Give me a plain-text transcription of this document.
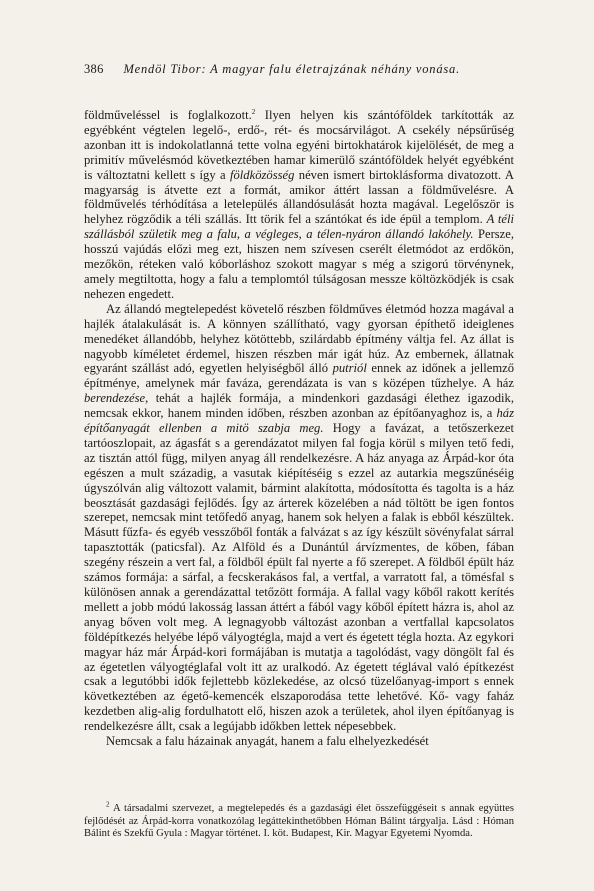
386 Mendöl Tibor: A magyar falu életrajzának néhány vonása.

földműveléssel is foglalkozott.$^2$ Ilyen helyen kis szántóföldek tarkították az egyébként végtelen legelő-, erdő-, rét- és mocsárvilágot. A csekély népsűrűség azonban itt is indokolatlanná tette volna egyéni birtokhatárok kijelölését, de meg a primitív művelésmód következtében hamar kimerülő szántóföldek helyét egyébként is változtatni kellett s így a földközösség néven ismert birtoklásforma divatozott. A magyarság is átvette ezt a formát, amikor áttért lassan a földművelésre. A földművelés térhódítása a letelepülés állandósulását hozta magával. Legelőször is helyhez rögződik a téli szállás. Itt törik fel a szántókat és ide épül a templom. A téli szállásból születik meg a falu, a végleges, a télen-nyáron állandó lakóhely. Persze, hosszú vajúdás előzi meg ezt, hiszen nem szívesen cserélt életmódot az erdőkön, mezőkön, réteken való kóborláshoz szokott magyar s még a szigorú törvénynek, amely megtiltotta, hogy a falu a templomtól túlságosan messze költözködjék is csak nehezen engedett.

Az állandó megtelepedést követelő részben földműves életmód hozza magával a hajlék átalakulását is. A könnyen szállítható, vagy gyorsan építhető ideiglenes menedéket állandóbb, helyhez kötöttebb, szilárdabb építmény váltja fel. Az állat is nagyobb kíméletet érdemel, hiszen részben már igát húz. Az embernek, állatnak egyaránt szállást adó, egyetlen helyiségből álló putriól ennek az időnek a jellemző építménye, amelynek már faváza, gerendázata is van s középen tűzhelye. A ház berendezése, tehát a hajlék formája, a mindenkori gazdasági élethez igazodik, nemcsak ekkor, hanem minden időben, részben azonban az építőanyaghoz is, a ház építőanyagát ellenben a mitö szabja meg. Hogy a favázat, a tetőszerkezet tartóoszlopait, az ágasfát s a gerendázatot milyen fal fogja körül s milyen tető fedi, az tisztán attól függ, milyen anyag áll rendelkezésre. A ház anyaga az Árpád-kor óta egészen a mult századig, a vasutak kiépítéséig s ezzel az autarkia megszűnéséig úgyszólván alig változott valamit, bármint alakította, módosította és tagolta is a ház beosztását gazdasági fejlődés. Így az árterek közelében a nád töltött be igen fontos szerepet, nemcsak mint tetőfedő anyag, hanem sok helyen a falak is ebből készültek. Másutt fűzfa- és egyéb vesszőből fonták a falvázat s az így készült sövényfalat sárral tapasztották (paticsfal). Az Alföld és a Dunántúl árvízmentes, de kőben, fában szegény részein a vert fal, a földből épült fal nyerte a fő szerepet. A földből épült ház számos formája: a sárfal, a fecskerakásos fal, a vertfal, a varratott fal, a tömésfal s különösen annak a gerendázattal tetőzött formája. A fallal vagy kőből rakott kerítés mellett a jobb módú lakosság lassan áttért a fából vagy kőből épített házra is, ahol az anyag bőven volt meg. A legnagyobb változást azonban a vertfallal kapcsolatos földépítkezés helyébe lépő vályogtégla, majd a vert és égetett tégla hozta. Az egykori magyar ház már Árpád-kori formájában is mutatja a tagolódást, vagy döngölt fal és az égetetlen vályogtéglafal volt itt az uralkodó. Az égetett téglával való építkezést csak a legutóbbi idők fejlettebb közlekedése, az olcsó tüzelőanyag-import s ennek következtében az égető-kemencék elszaporodása tette lehetővé. Kő- vagy faház kezdetben alig-alig fordulhatott elő, hiszen azok a területek, ahol ilyen építőanyag is rendelkezésre állt, csak a legújabb időkben lettek népesebbek.

Nemcsak a falu házainak anyagát, hanem a falu elhelyezkedését

$^2$ A társadalmi szervezet, a megtelepedés és a gazdasági élet összefüggéseit s annak együttes fejlődését az Árpád-korra vonatkozólag legáttekinthetőbben Hóman Bálint tárgyalja. Lásd : Hóman Bálint és Szekfű Gyula : Magyar történet. I. köt. Budapest, Kir. Magyar Egyetemi Nyomda.
